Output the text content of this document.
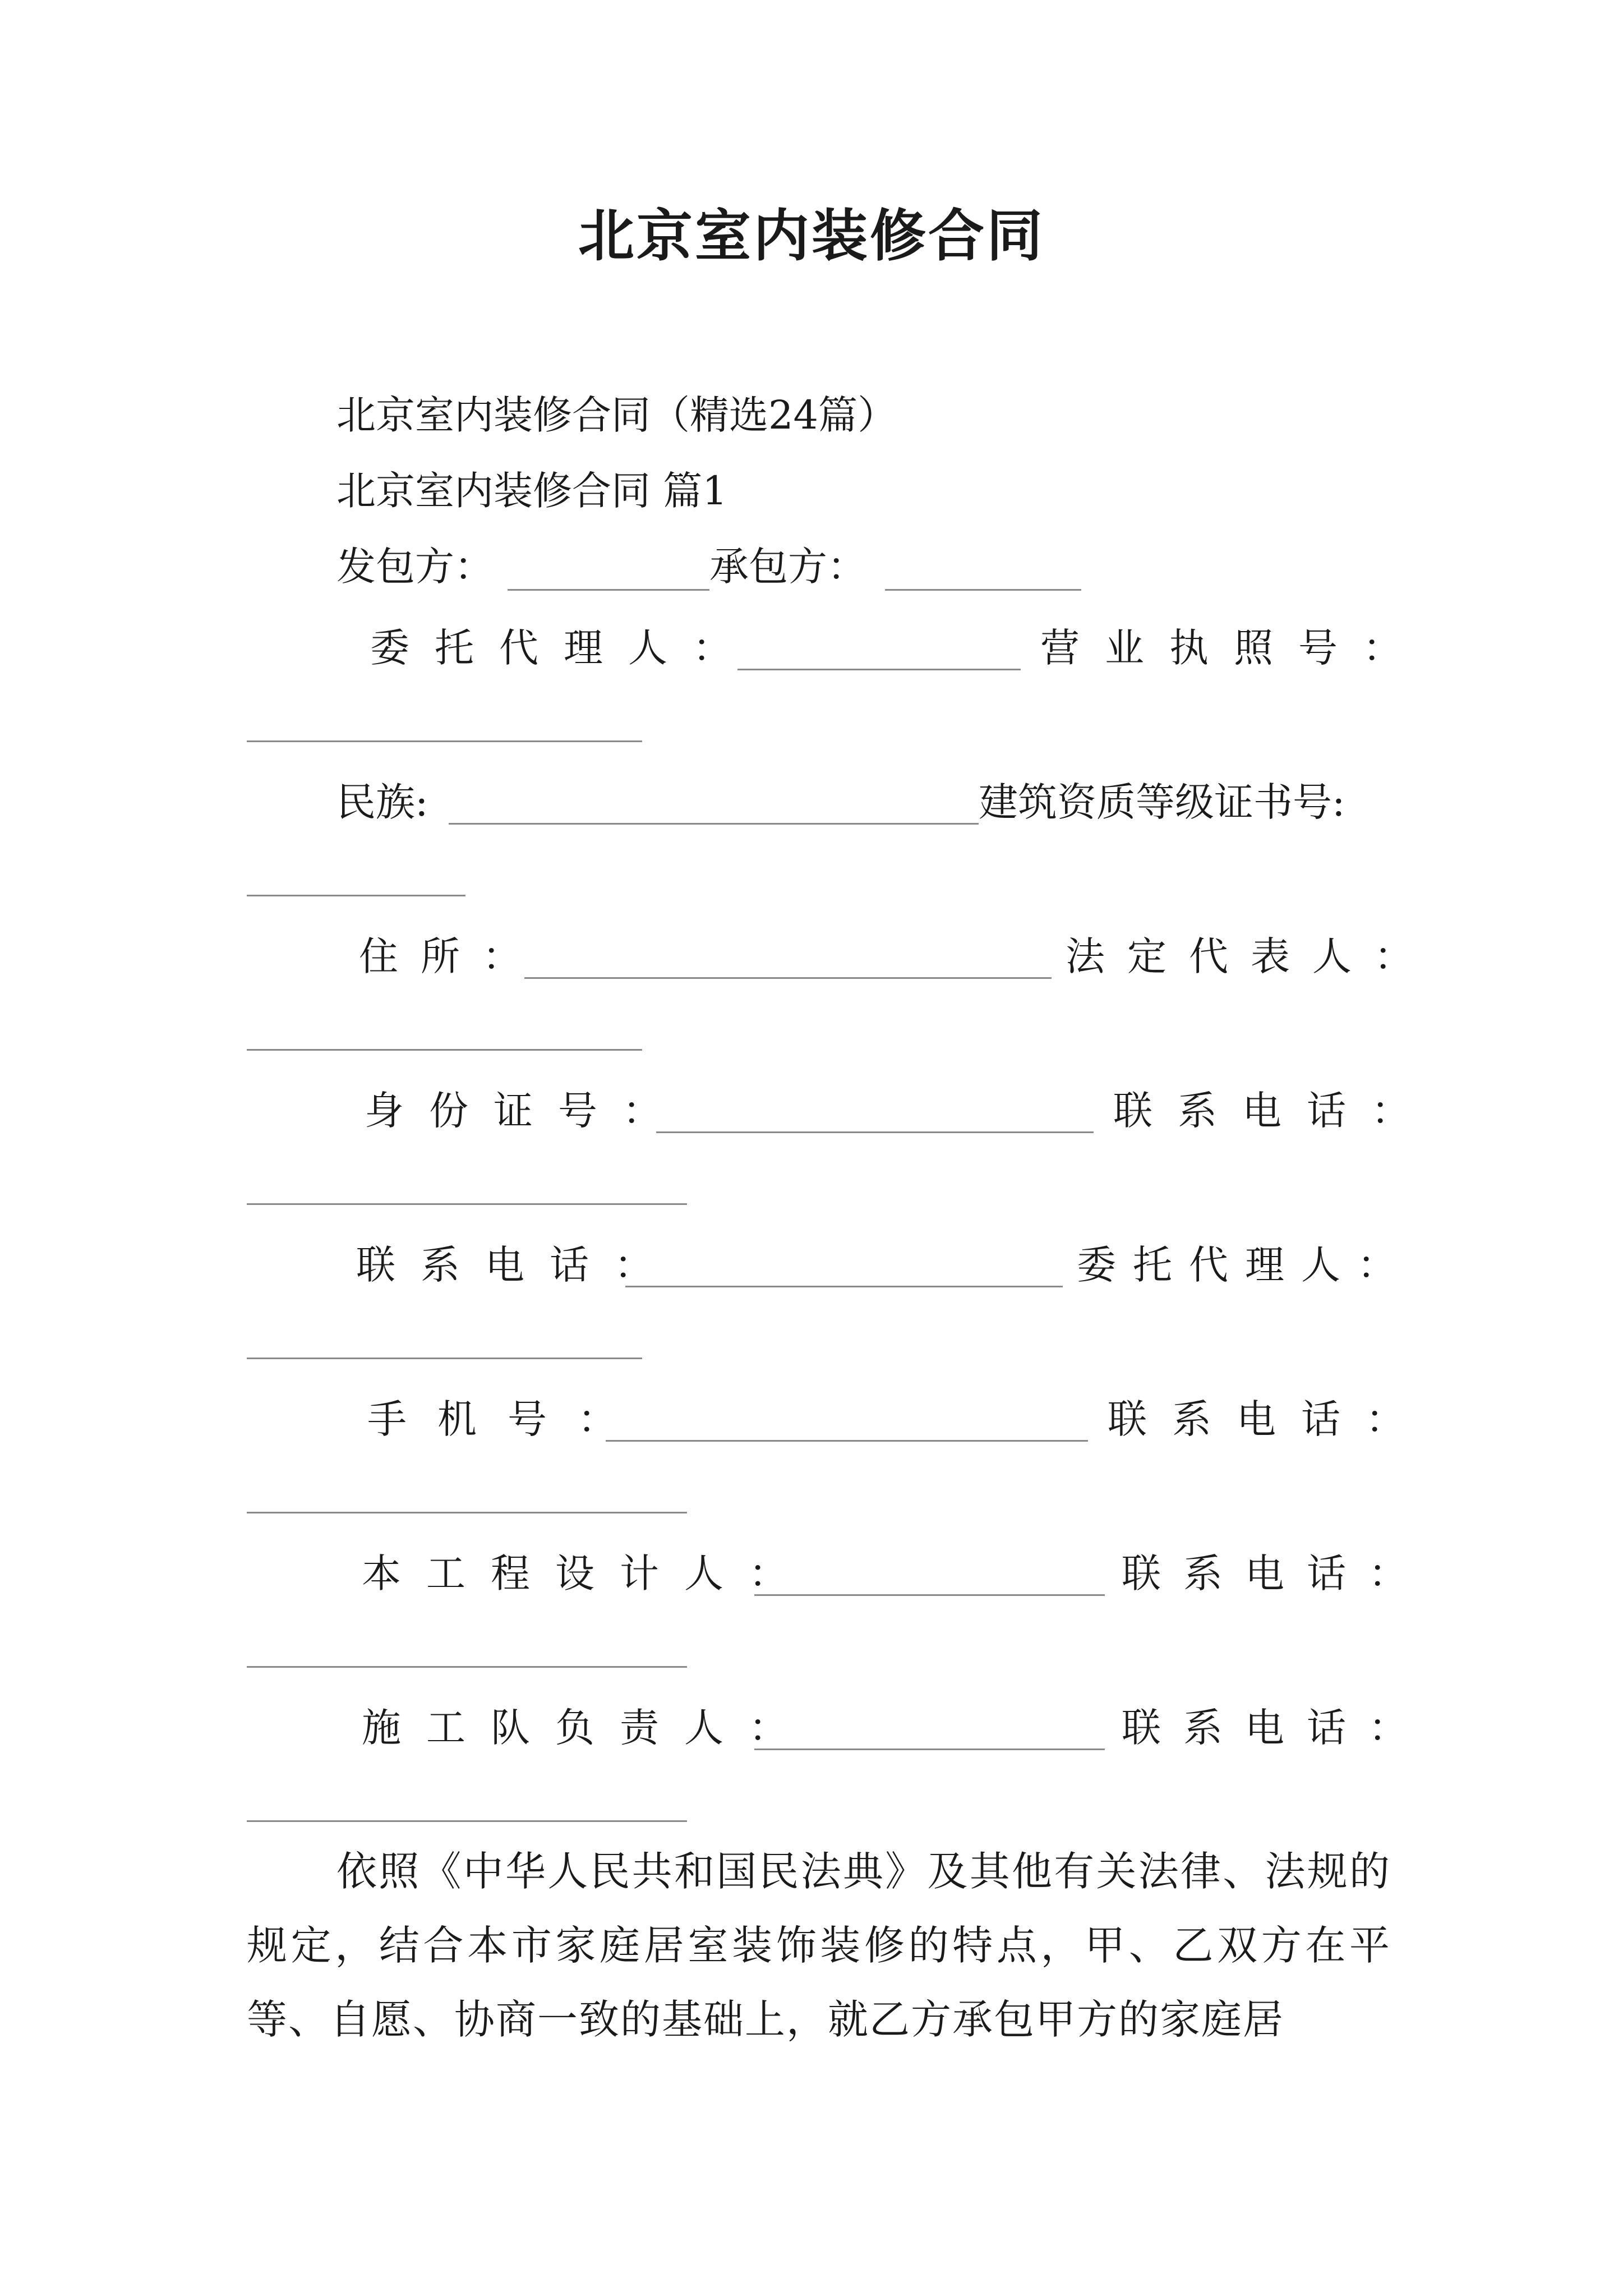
北京室内装修合同
北京室内装修合同（精选24篇）
北京室内装修合同 篇1
发包方：	承包方：
委托代理人：	营业执照号：
民族:	建筑资质等级证书号:
住所：	法定代表人：
身份证号：	联系电话：
联系电话：	委托代理人：
手机号：	联系电话：
本工程设计人：	联系电话：
施工队负责人：	联系电话：
依照《中华人民共和国民法典》及其他有关法律、法规的规定，结合本市家庭居室装饰装修的特点，甲、乙双方在平等、自愿、协商一致的基础上，就乙方承包甲方的家庭居
